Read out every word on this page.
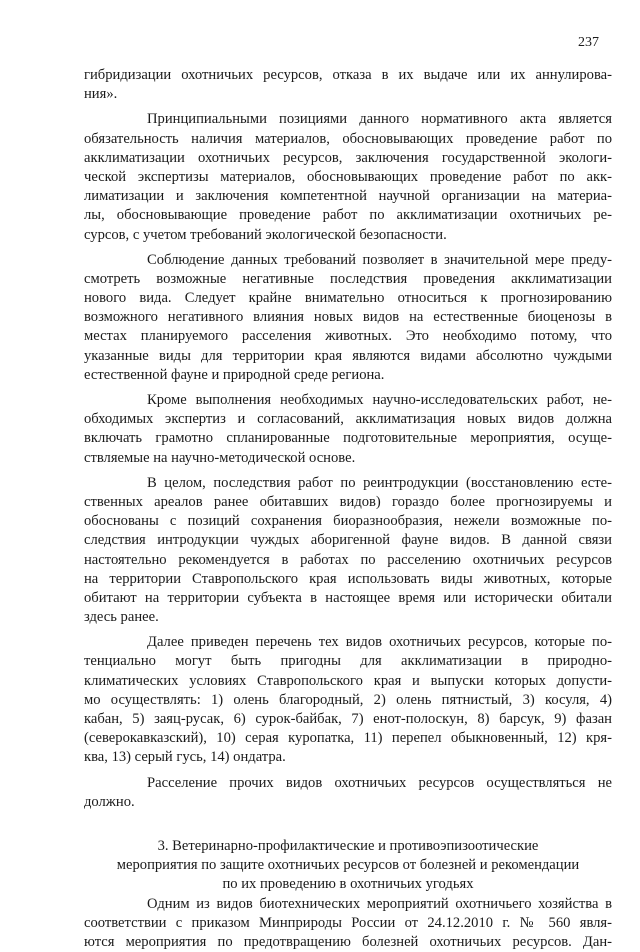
237
гибридизации охотничьих ресурсов, отказа в их выдаче или их аннулирова-
ния».
Принципиальными позициями данного нормативного акта является
обязательность наличия материалов, обосновывающих проведение работ по
акклиматизации охотничьих ресурсов, заключения государственной экологи-
ческой экспертизы материалов, обосновывающих проведение работ по акк-
лиматизации и заключения компетентной научной организации на материа-
лы, обосновывающие проведение работ по акклиматизации охотничьих ре-
сурсов, с учетом требований экологической безопасности.
Соблюдение данных требований позволяет в значительной мере преду-
смотреть возможные негативные последствия проведения акклиматизации
нового вида. Следует крайне внимательно относиться к прогнозированию
возможного негативного влияния новых видов на естественные биоценозы в
местах планируемого расселения животных. Это необходимо потому, что
указанные виды для территории края являются видами абсолютно чуждыми
естественной фауне и природной среде региона.
Кроме выполнения необходимых научно-исследовательских работ, не-
обходимых экспертиз и согласований, акклиматизация новых видов должна
включать грамотно спланированные подготовительные мероприятия, осуще-
ствляемые на научно-методической основе.
В целом, последствия работ по реинтродукции (восстановлению есте-
ственных ареалов ранее обитавших видов) гораздо более прогнозируемы и
обоснованы с позиций сохранения биоразнообразия, нежели возможные по-
следствия интродукции чуждых аборигенной фауне видов. В данной связи
настоятельно рекомендуется в работах по расселению охотничьих ресурсов
на территории Ставропольского края использовать виды животных, которые
обитают на территории субъекта в настоящее время или исторически обитали
здесь ранее.
Далее приведен перечень тех видов охотничьих ресурсов, которые по-
тенциально могут быть пригодны для акклиматизации в природно-
климатических условиях Ставропольского края и выпуски которых допусти-
мо осуществлять: 1) олень благородный, 2) олень пятнистый, 3) косуля, 4)
кабан, 5) заяц-русак, 6) сурок-байбак, 7) енот-полоскун, 8) барсук, 9) фазан
(северокавказский), 10) серая куропатка, 11) перепел обыкновенный, 12) кря-
ква, 13) серый гусь, 14) ондатра.
Расселение прочих видов охотничьих ресурсов осуществляться не
должно.
3. Ветеринарно-профилактические и противоэпизоотические
мероприятия по защите охотничьих ресурсов от болезней и рекомендации
по их проведению в охотничьих угодьях
Одним из видов биотехнических мероприятий охотничьего хозяйства в
соответствии с приказом Минприроды России от 24.12.2010 г. № 560 явля-
ются мероприятия по предотвращению болезней охотничьих ресурсов. Дан-
